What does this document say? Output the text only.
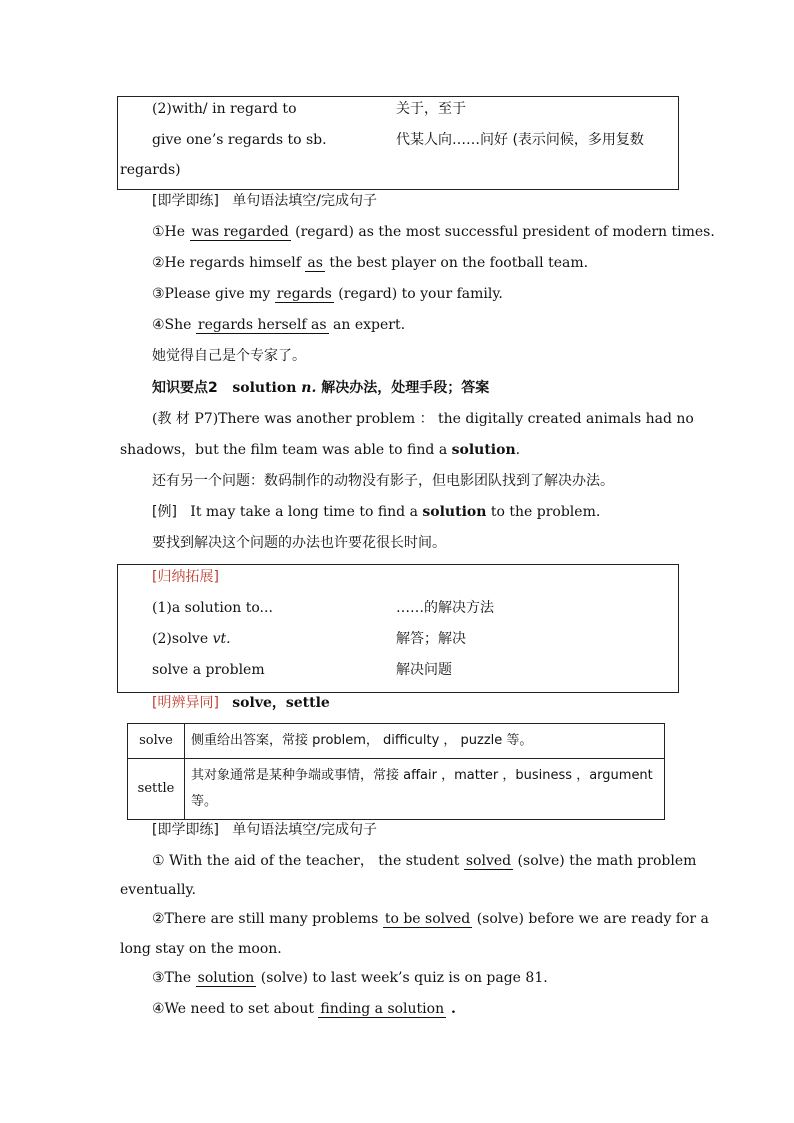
(2)with/ in regard to	关于，至于
give one’s regards to sb.	代某人向……问好 (表示问候，多用复数
regards)
[即学即练] 单句语法填空/完成句子
①He was regarded (regard) as the most successful president of modern times.
②He regards himself as the best player on the football team.
③Please give my regards (regard) to your family.
④She regards herself as an expert.
她觉得自己是个专家了。
知识要点2 solution n. 解决办法，处理手段；答案
(教 材 P7)There was another problem ： the digitally created animals had no
shadows，but the film team was able to find a solution.
还有另一个问题：数码制作的动物没有影子，但电影团队找到了解决办法。
[例] It may take a long time to find a solution to the problem.
要找到解决这个问题的办法也许要花很长时间。
[归纳拓展]
(1)a solution to...	……的解决方法
(2)solve vt.	解答；解决
solve a problem	解决问题
[明辨异同] solve，settle
solve	侧重给出答案，常接 problem， difficulty ， puzzle 等。
settle	其对象通常是某种争端或事情，常接 affair ，matter ，business ，argument 等。
[即学即练] 单句语法填空/完成句子
① With the aid of the teacher， the student solved (solve) the math problem
eventually.
②There are still many problems to be solved (solve) before we are ready for a
long stay on the moon.
③The solution (solve) to last week’s quiz is on page 81.
④We need to set about finding a solution .
